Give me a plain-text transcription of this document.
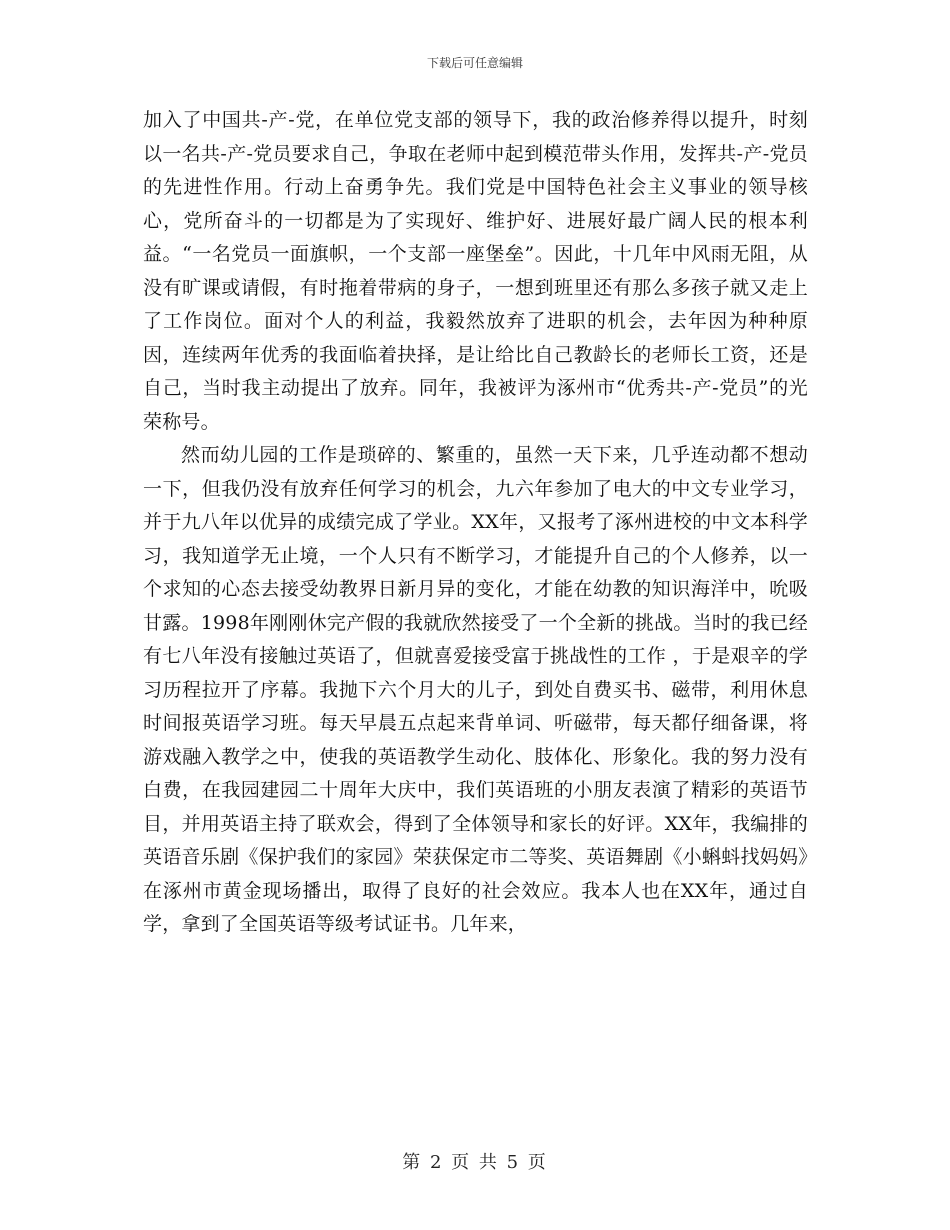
下载后可任意编辑

加入了中国共-产-党，在单位党支部的领导下，我的政治修养得以提升，时刻以一名共-产-党员要求自己，争取在老师中起到模范带头作用，发挥共-产-党员的先进性作用。行动上奋勇争先。我们党是中国特色社会主义事业的领导核心，党所奋斗的一切都是为了实现好、维护好、进展好最广阔人民的根本利益。“一名党员一面旗帜，一个支部一座堡垒”。因此，十几年中风雨无阻，从没有旷课或请假，有时拖着带病的身子，一想到班里还有那么多孩子就又走上了工作岗位。面对个人的利益，我毅然放弃了进职的机会，去年因为种种原因，连续两年优秀的我面临着抉择，是让给比自己教龄长的老师长工资，还是自己，当时我主动提出了放弃。同年，我被评为涿州市“优秀共-产-党员”的光荣称号。

然而幼儿园的工作是琐碎的、繁重的，虽然一天下来，几乎连动都不想动一下，但我仍没有放弃任何学习的机会，九六年参加了电大的中文专业学习，并于九八年以优异的成绩完成了学业。XX年，又报考了涿州进校的中文本科学习，我知道学无止境，一个人只有不断学习，才能提升自己的个人修养，以一个求知的心态去接受幼教界日新月异的变化，才能在幼教的知识海洋中，吮吸甘露。1998年刚刚休完产假的我就欣然接受了一个全新的挑战。当时的我已经有七八年没有接触过英语了，但就喜爱接受富于挑战性的工作 ，于是艰辛的学习历程拉开了序幕。我抛下六个月大的儿子，到处自费买书、磁带，利用休息时间报英语学习班。每天早晨五点起来背单词、听磁带，每天都仔细备课，将游戏融入教学之中，使我的英语教学生动化、肢体化、形象化。我的努力没有白费，在我园建园二十周年大庆中，我们英语班的小朋友表演了精彩的英语节目，并用英语主持了联欢会，得到了全体领导和家长的好评。XX年，我编排的英语音乐剧《保护我们的家园》荣获保定市二等奖、英语舞剧《小蝌蚪找妈妈》在涿州市黄金现场播出，取得了良好的社会效应。我本人也在XX年，通过自学，拿到了全国英语等级考试证书。几年来，

第 2 页 共 5 页
